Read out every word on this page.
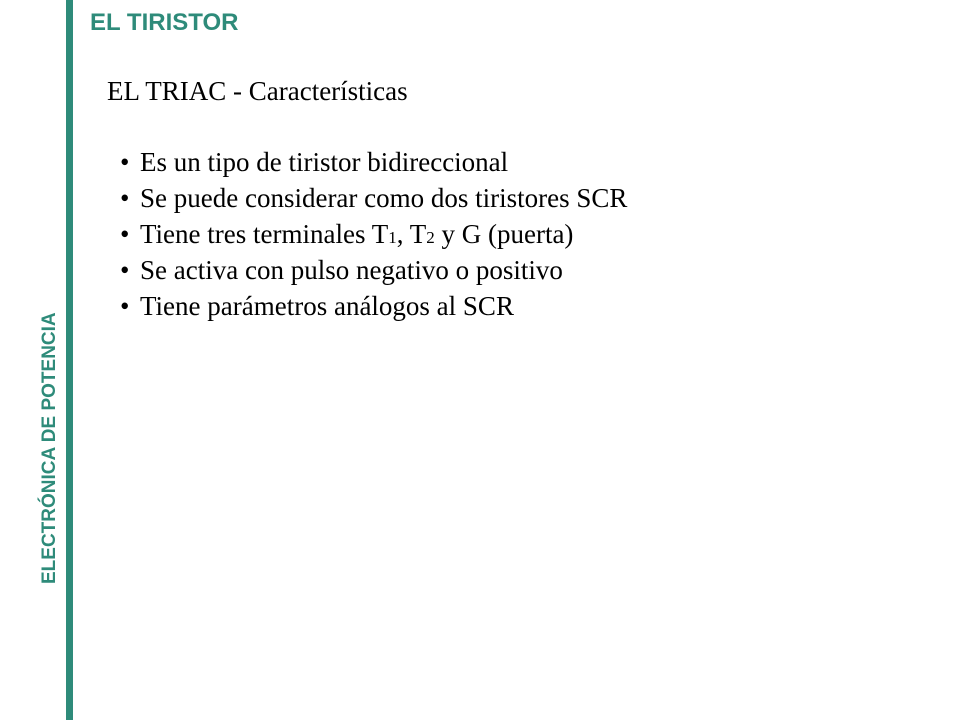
ELECTRÓNICA DE POTENCIA
EL TIRISTOR
EL TRIAC - Características
• Es un tipo de tiristor bidireccional
• Se puede considerar como dos tiristores SCR
• Tiene tres terminales T1, T2 y G (puerta)
• Se activa con pulso negativo o positivo
• Tiene parámetros análogos al SCR
